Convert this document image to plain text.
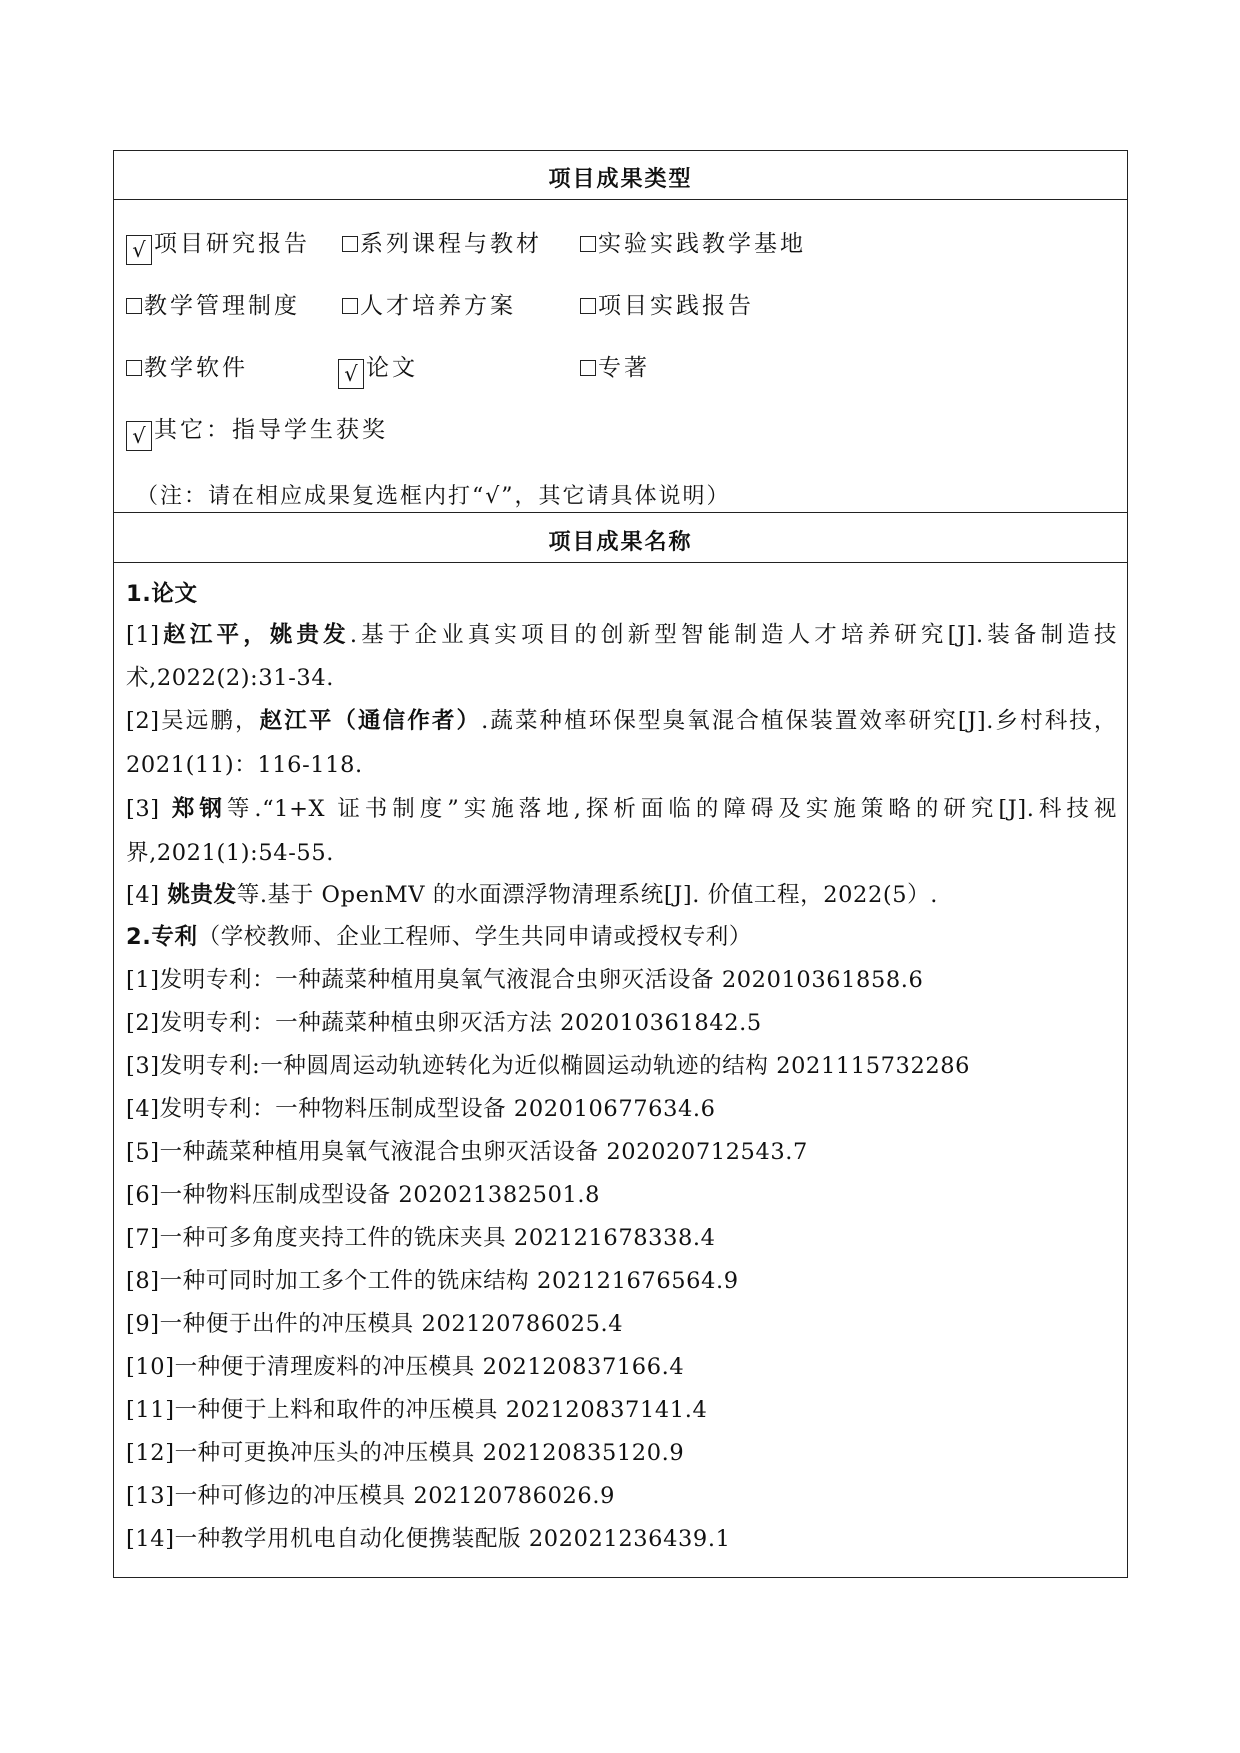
项目成果类型
√ 项目研究报告	系列课程与教材	实验实践教学基地
教学管理制度	人才培养方案	项目实践报告
教学软件	√ 论文	专著
√ 其它：指导学生获奖
（注：请在相应成果复选框内打“√”，其它请具体说明）
项目成果名称
1.论文
[1]赵江平，姚贵发.基于企业真实项目的创新型智能制造人才培养研究[J].装备制造技
术,2022(2):31-34.
[2]吴远鹏，赵江平（通信作者）.蔬菜种植环保型臭氧混合植保装置效率研究[J].乡村科技，
2021(11)：116-118.
[3] 郑钢等.“1+X 证书制度”实施落地,探析面临的障碍及实施策略的研究[J].科技视
界,2021(1):54-55.
[4] 姚贵发等.基于 OpenMV 的水面漂浮物清理系统[J]. 价值工程，2022(5）.
2.专利（学校教师、企业工程师、学生共同申请或授权专利）
[1]发明专利：一种蔬菜种植用臭氧气液混合虫卵灭活设备 202010361858.6
[2]发明专利：一种蔬菜种植虫卵灭活方法 202010361842.5
[3]发明专利:一种圆周运动轨迹转化为近似椭圆运动轨迹的结构 2021115732286
[4]发明专利：一种物料压制成型设备 202010677634.6
[5]一种蔬菜种植用臭氧气液混合虫卵灭活设备 202020712543.7
[6]一种物料压制成型设备 202021382501.8
[7]一种可多角度夹持工件的铣床夹具 202121678338.4
[8]一种可同时加工多个工件的铣床结构 202121676564.9
[9]一种便于出件的冲压模具 202120786025.4
[10]一种便于清理废料的冲压模具 202120837166.4
[11]一种便于上料和取件的冲压模具 202120837141.4
[12]一种可更换冲压头的冲压模具 202120835120.9
[13]一种可修边的冲压模具 202120786026.9
[14]一种教学用机电自动化便携装配版 202021236439.1
